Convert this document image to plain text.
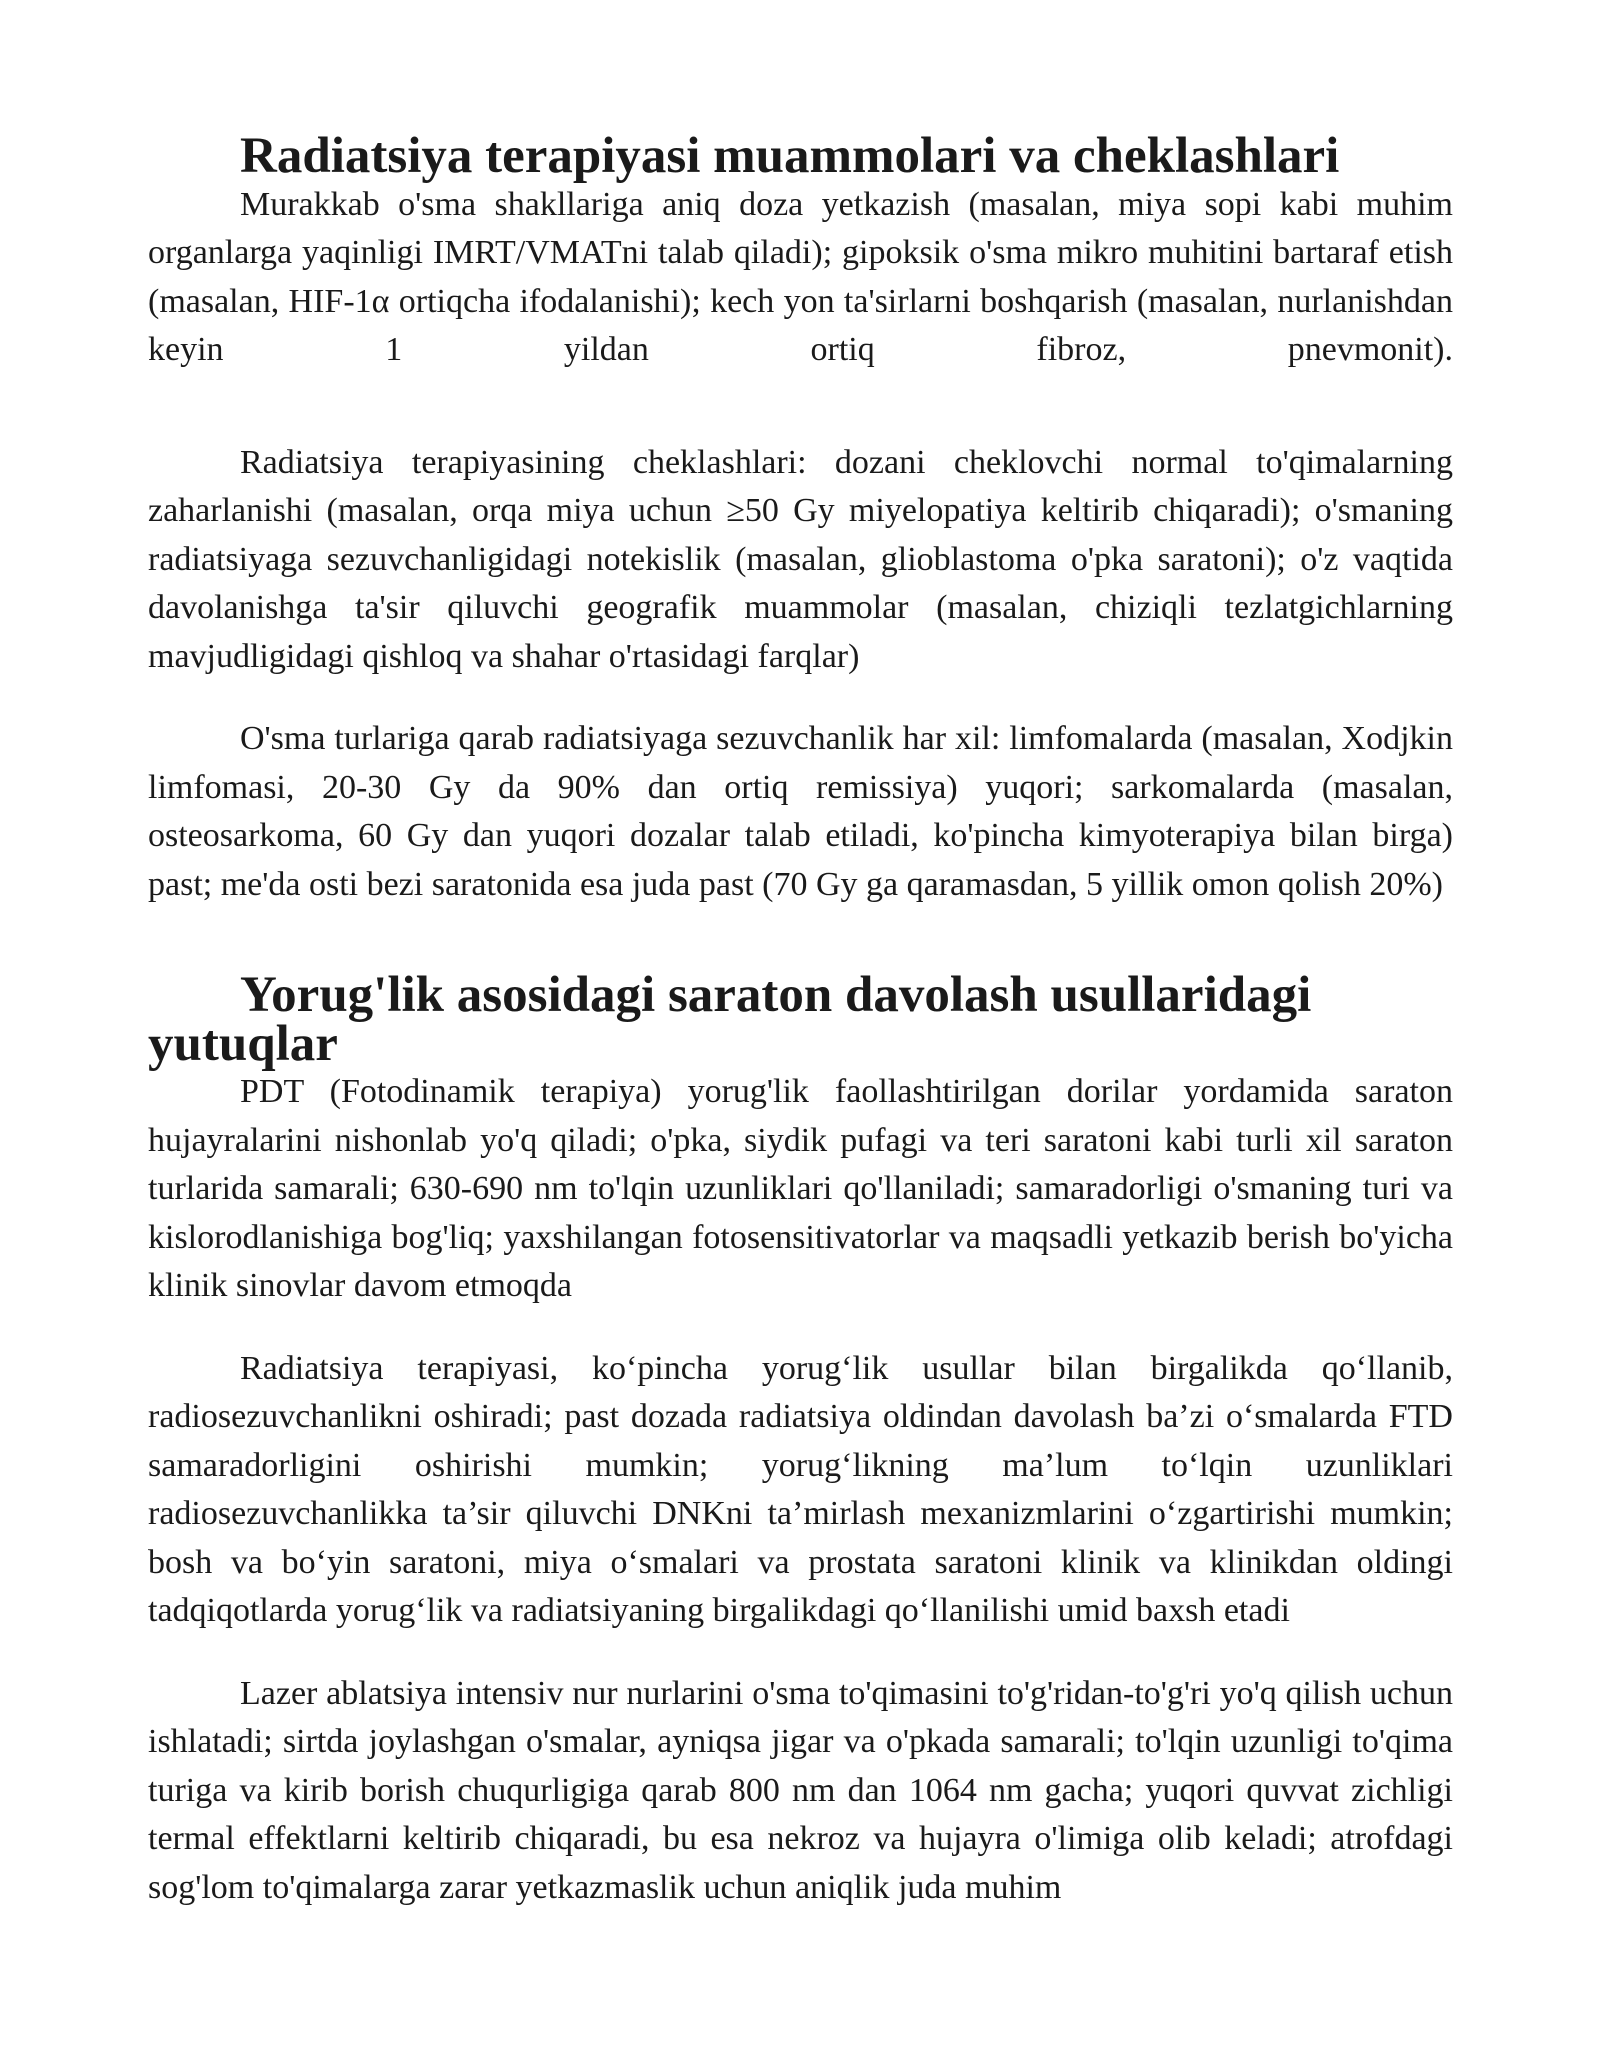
Radiatsiya terapiyasi muammolari va cheklashlari

Murakkab o'sma shakllariga aniq doza yetkazish (masalan, miya sopi kabi muhim organlarga yaqinligi IMRT/VMATni talab qiladi); gipoksik o'sma mikro muhitini bartaraf etish (masalan, HIF-1α ortiqcha ifodalanishi); kech yon ta'sirlarni boshqarish (masalan, nurlanishdan keyin 1 yildan ortiq fibroz, pnevmonit).

Radiatsiya terapiyasining cheklashlari: dozani cheklovchi normal to'qimalarning zaharlanishi (masalan, orqa miya uchun ≥50 Gy miyelopatiya keltirib chiqaradi); o'smaning radiatsiyaga sezuvchanligidagi notekislik (masalan, glioblastoma o'pka saratoni); o'z vaqtida davolanishga ta'sir qiluvchi geografik muammolar (masalan, chiziqli tezlatgichlarning mavjudligidagi qishloq va shahar o'rtasidagi farqlar)

O'sma turlariga qarab radiatsiyaga sezuvchanlik har xil: limfomalarda (masalan, Xodjkin limfomasi, 20-30 Gy da 90% dan ortiq remissiya) yuqori; sarkomalarda (masalan, osteosarkoma, 60 Gy dan yuqori dozalar talab etiladi, ko'pincha kimyoterapiya bilan birga) past; me'da osti bezi saratonida esa juda past (70 Gy ga qaramasdan, 5 yillik omon qolish 20%)

Yorug'lik asosidagi saraton davolash usullaridagi yutuqlar

PDT (Fotodinamik terapiya) yorug'lik faollashtirilgan dorilar yordamida saraton hujayralarini nishonlab yo'q qiladi; o'pka, siydik pufagi va teri saratoni kabi turli xil saraton turlarida samarali; 630-690 nm to'lqin uzunliklari qo'llaniladi; samaradorligi o'smaning turi va kislorodlanishiga bog'liq; yaxshilangan fotosensitivatorlar va maqsadli yetkazib berish bo'yicha klinik sinovlar davom etmoqda

Radiatsiya terapiyasi, ko‘pincha yorug‘lik usullar bilan birgalikda qo‘llanib, radiosezuvchanlikni oshiradi; past dozada radiatsiya oldindan davolash ba’zi o‘smalarda FTD samaradorligini oshirishi mumkin; yorug‘likning ma’lum to‘lqin uzunliklari radiosezuvchanlikka ta’sir qiluvchi DNKni ta’mirlash mexanizmlarini o‘zgartirishi mumkin; bosh va bo‘yin saratoni, miya o‘smalari va prostata saratoni klinik va klinikdan oldingi tadqiqotlarda yorug‘lik va radiatsiyaning birgalikdagi qo‘llanilishi umid baxsh etadi

Lazer ablatsiya intensiv nur nurlarini o'sma to'qimasini to'g'ridan-to'g'ri yo'q qilish uchun ishlatadi; sirtda joylashgan o'smalar, ayniqsa jigar va o'pkada samarali; to'lqin uzunligi to'qima turiga va kirib borish chuqurligiga qarab 800 nm dan 1064 nm gacha; yuqori quvvat zichligi termal effektlarni keltirib chiqaradi, bu esa nekroz va hujayra o'limiga olib keladi; atrofdagi sog'lom to'qimalarga zarar yetkazmaslik uchun aniqlik juda muhim
